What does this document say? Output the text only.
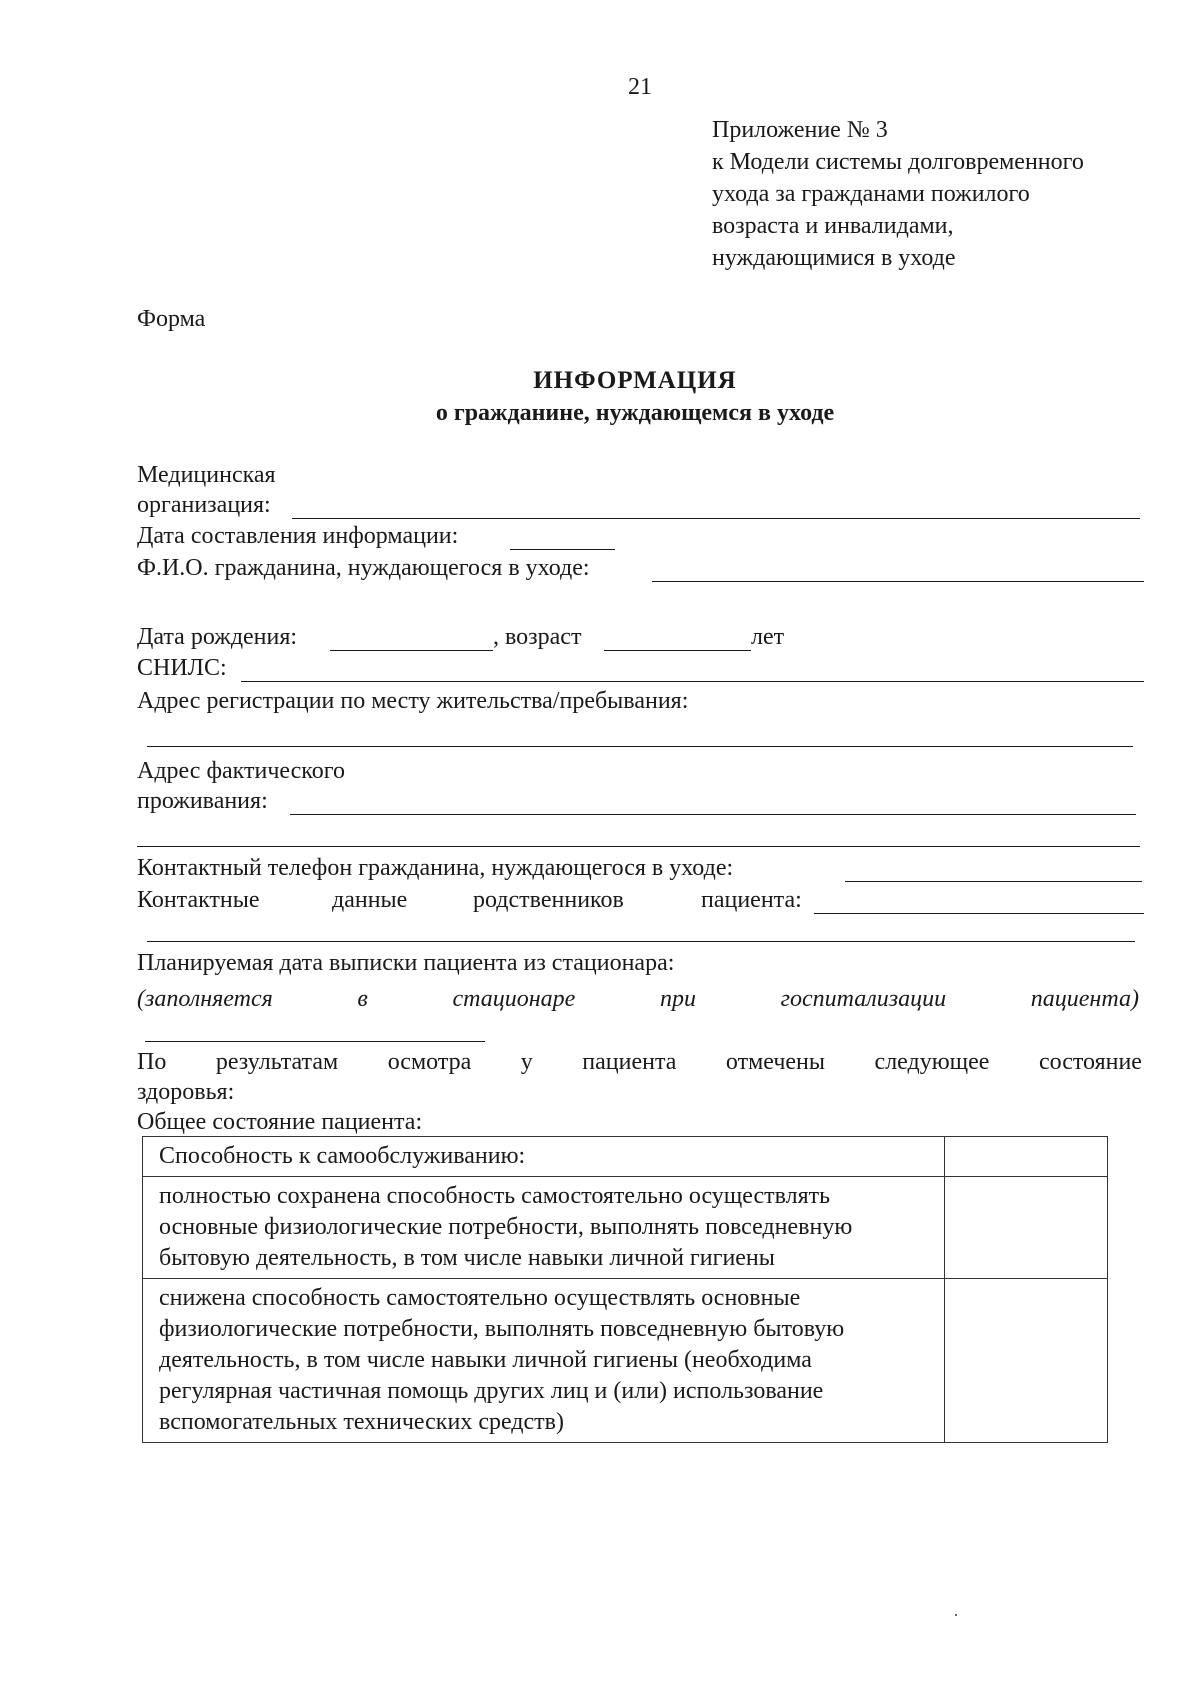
21
Приложение № 3
к Модели системы долговременного
ухода за гражданами пожилого
возраста и инвалидами,
нуждающимися в уходе
Форма
ИНФОРМАЦИЯ
о гражданине, нуждающемся в уходе
Медицинская
организация:
Дата составления информации:
Ф.И.О. гражданина, нуждающегося в уходе:
Дата рождения:	, возраст	лет
СНИЛС:
Адрес регистрации по месту жительства/пребывания:
Адрес фактического
проживания:
Контактный телефон гражданина, нуждающегося в уходе:
Контактные	данные	родственников	пациента:
Планируемая дата выписки пациента из стационара:
(заполняется	в	стационаре	при	госпитализации	пациента)
По результатам осмотра у пациента отмечены следующее состояние
здоровья:
Общее состояние пациента:
Способность к самообслуживанию:	

полностью сохранена способность самостоятельно осуществлять основные физиологические потребности, выполнять повседневную бытовую деятельность, в том числе навыки личной гигиены	

снижена способность самостоятельно осуществлять основные физиологические потребности, выполнять повседневную бытовую деятельность, в том числе навыки личной гигиены (необходима регулярная частичная помощь других лиц и (или) использование вспомогательных технических средств)	
